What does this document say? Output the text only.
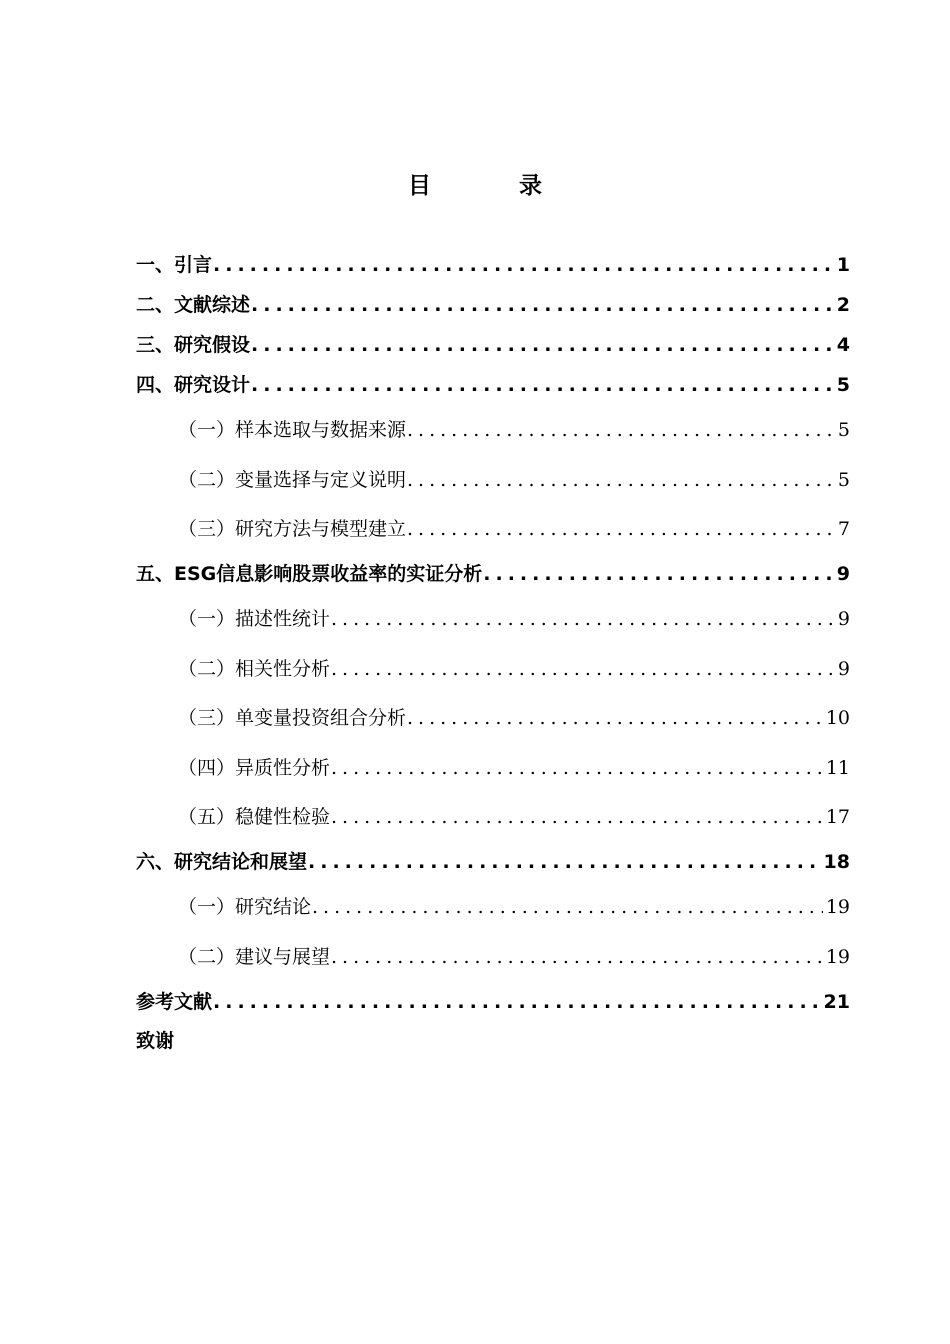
目 录
一、引言 .....	1
二、文献综述 .....	2
三、研究假设 .....	4
四、研究设计 .....	5
（一）样本选取与数据来源 .....	5
（二）变量选择与定义说明 .....	5
（三）研究方法与模型建立 .....	7
五、ESG信息影响股票收益率的实证分析 .....	9
（一）描述性统计 .....	9
（二）相关性分析 .....	9
（三）单变量投资组合分析 .....	10
（四）异质性分析 .....	11
（五）稳健性检验 .....	17
六、研究结论和展望 .....	18
（一）研究结论 .....	19
（二）建议与展望 .....	19
参考文献 .....	21
致谢
